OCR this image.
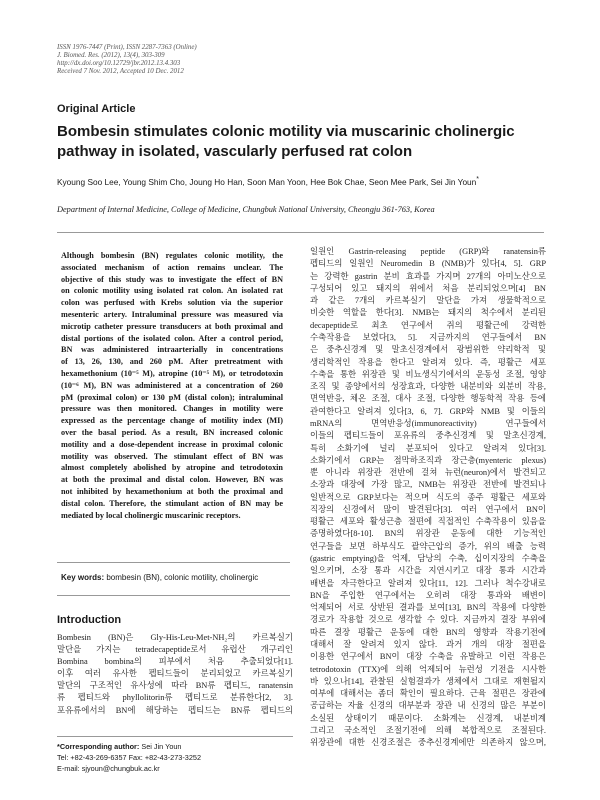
ISSN 1976-7447 (Print), ISSN 2287-7363 (Online)
J. Biomed. Res. (2012), 13(4), 303-309
http://dx.doi.org/10.12729/jbr.2012.13.4.303
Received 7 Nov. 2012, Accepted 10 Dec. 2012
Original Article
Bombesin stimulates colonic motility via muscarinic cholinergic pathway in isolated, vascularly perfused rat colon
Kyoung Soo Lee, Young Shim Cho, Joung Ho Han, Soon Man Yoon, Hee Bok Chae, Seon Mee Park, Sei Jin Youn*
Department of Internal Medicine, College of Medicine, Chungbuk National University, Cheongju 361-763, Korea
Although bombesin (BN) regulates colonic motility, the
associated mechanism of action remains unclear. The
objective of this study was to investigate the effect of BN
on colonic motility using isolated rat colon. An isolated rat
colon was perfused with Krebs solution via the superior
mesenteric artery. Intraluminal pressure was measured via
microtip catheter pressure transducers at both proximal and
distal portions of the isolated colon. After a control period,
BN was administered intraarterially in concentrations
of 13, 26, 130, and 260 pM. After pretreatment with
hexamethonium (10⁻⁵ M), atropine (10⁻⁵ M), or tetrodotoxin
(10⁻⁶ M), BN was administered at a concentration of 260
pM (proximal colon) or 130 pM (distal colon); intraluminal
pressure was then monitored. Changes in motility were
expressed as the percentage change of motility index (MI)
over the basal period. As a result, BN increased colonic
motility and a dose-dependent increase in proximal colonic
motility was observed. The stimulant effect of BN was
almost completely abolished by atropine and tetrodotoxin
at both the proximal and distal colon. However, BN was
not inhibited by hexamethonium at both the proximal and
distal colon. Therefore, the stimulant action of BN may be
mediated by local cholinergic muscarinic receptors.
Key words: bombesin (BN), colonic motility, cholinergic
Introduction
Bombesin (BN)은 Gly-His-Leu-Met-NH₂의 카르복실기
말단을 가지는 tetradecapeptide로서 유럽산 개구리인
Bombina bombina의 피부에서 처음 추출되었다[1].
이후 여러 유사한 펩티드들이 분리되었고 카르복실기
말단의 구조적인 유사성에 따라 BN류 펩티드, ranatensin
류 펩티드와 phyllolitorin류 펩티드로 분류한다[2, 3].
포유류에서의 BN에 해당하는 펩티드는 BN류 펩티드의
*Corresponding author: Sei Jin Youn
Tel: +82-43-269-6357 Fax: +82-43-273-3252
E-mail: sjyoun@chungbuk.ac.kr
일원인 Gastrin-releasing peptide (GRP)와 ranatensin류
펩티드의 일원인 Neuromedin B (NMB)가 있다[4, 5]. GRP
는 강력한 gastrin 분비 효과를 가지며 27개의 아미노산으로
구성되어 있고 돼지의 위에서 처음 분리되었으며[4] BN
과 같은 7개의 카르복실기 말단을 가져 생물학적으로
비슷한 역할을 한다[3]. NMB는 돼지의 척수에서 분리된
decapeptide로 최초 연구에서 쥐의 평활근에 강력한
수축작용을 보였다[3, 5]. 지금까지의 연구들에서 BN
은 중추신경계 및 말초신경계에서 광범위한 약리학적 및
생리학적인 작용을 한다고 알려져 있다. 즉, 평활근 세포
수축을 통한 위장관 및 비뇨생식기에서의 운동성 조절, 영양
조직 및 종양에서의 성장효과, 다양한 내분비와 외분비 작용,
면역반응, 체온 조절, 대사 조절, 다양한 행동학적 작용 등에
관여한다고 알려져 있다[3, 6, 7]. GRP와 NMB 및 이들의
mRNA의 면역반응성(immunoreactivity) 연구들에서
이들의 펩티드들이 포유류의 중추신경계 및 말초신경계,
특히 소화기에 널리 분포되어 있다고 알려져 있다[3].
소화기에서 GRP는 점막하조직과 장근층(myenteric plexus)
뿐 아니라 위장관 전반에 걸쳐 뉴런(neuron)에서 발견되고
소장과 대장에 가장 많고, NMB는 위장관 전반에 발견되나
일반적으로 GRP보다는 적으며 식도의 종주 평활근 세포와
직장의 신경에서 많이 발견된다[3]. 여러 연구에서 BN이
평활근 세포와 활성근층 절편에 직접적인 수축작용이 있음을
증명하였다[8-10]. BN의 위장관 운동에 대한 기능적인
연구들을 보면 하부식도 괄약근압의 증가, 위의 배출 능력
(gastric emptying)을 억제, 담낭의 수축, 십이지장의 수축을
일으키며, 소장 통과 시간을 지연시키고 대장 통과 시간과
배변을 자극한다고 알려져 있다[11, 12]. 그러나 척수강내로
BN을 주입한 연구에서는 오히려 대장 통과와 배변이
억제되어 서로 상반된 결과를 보여[13], BN의 작용에 다양한
경로가 작용할 것으로 생각할 수 있다. 지금까지 결장 부위에
따른 결장 평활근 운동에 대한 BN의 영향과 작용기전에
대해서 잘 알려져 있지 않다. 과거 개의 대장 절편을
이용한 연구에서 BN이 대장 수축을 유발하고 이런 작용은
tetrodotoxin (TTX)에 의해 억제되어 뉴런성 기전을 시사한
바 있으나[14], 관찰된 실험결과가 생체에서 그대로 재현될지
여부에 대해서는 좀더 확인이 필요하다. 근육 절편은 장관에
공급하는 자율 신경의 대부분과 장관 내 신경의 많은 부분이
소실된 상태이기 때문이다. 소화계는 신경계, 내분비계
그리고 국소적인 조절기전에 의해 복합적으로 조절된다.
위장관에 대한 신경조절은 중추신경계에만 의존하지 않으며,
